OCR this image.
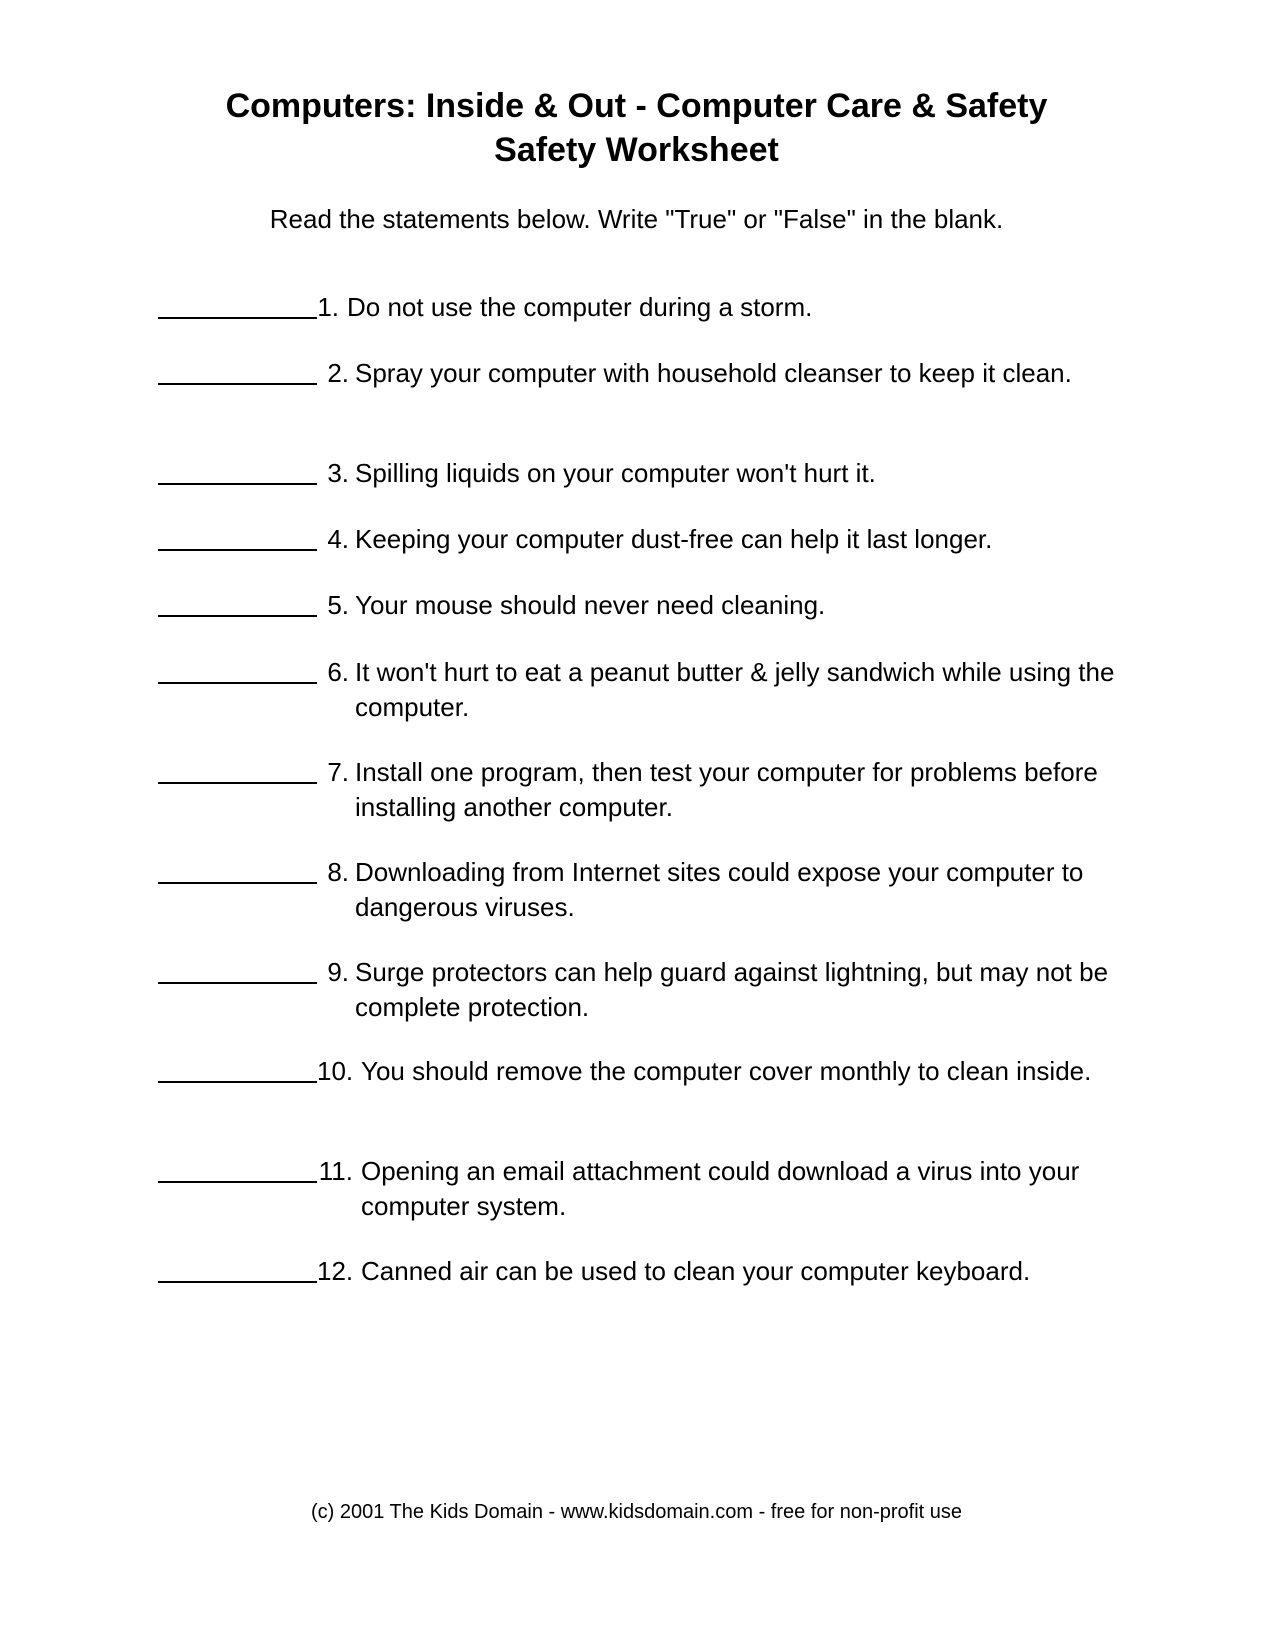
Computers: Inside & Out - Computer Care & Safety
Safety Worksheet

Read the statements below. Write "True" or "False" in the blank.

1. Do not use the computer during a storm.
2. Spray your computer with household cleanser to keep it clean.
3. Spilling liquids on your computer won't hurt it.
4. Keeping your computer dust-free can help it last longer.
5. Your mouse should never need cleaning.
6. It won't hurt to eat a peanut butter & jelly sandwich while using the computer.
7. Install one program, then test your computer for problems before installing another computer.
8. Downloading from Internet sites could expose your computer to dangerous viruses.
9. Surge protectors can help guard against lightning, but may not be complete protection.
10. You should remove the computer cover monthly to clean inside.
11. Opening an email attachment could download a virus into your computer system.
12. Canned air can be used to clean your computer keyboard.

(c) 2001 The Kids Domain - www.kidsdomain.com - free for non-profit use
